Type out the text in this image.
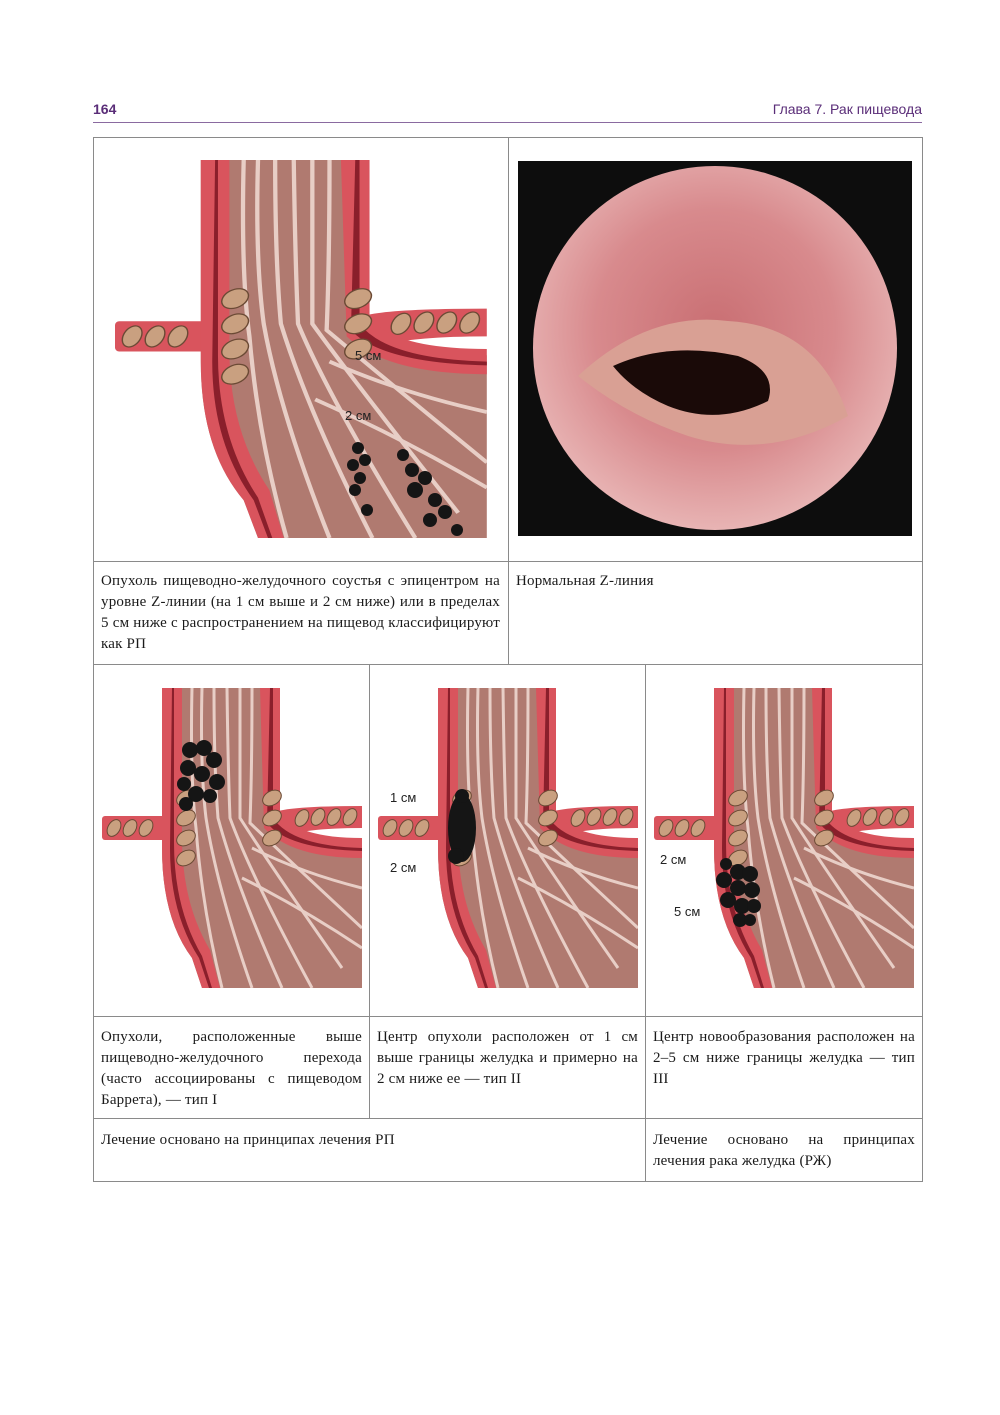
164	Глава 7. Рак пищевода
2 см
5 см
Опухоль пищеводно-желудочного соустья с эпицентром на уровне Z-линии (на 1 см выше и 2 см ниже) или в пределах 5 см ниже с распространением на пищевод классифицируют как РП
Нормальная Z-линия
1 см
2 см
2 см
5 см
Опухоли, расположенные выше пищеводно-желудочного перехода (часто ассоциированы с пищеводом Баррета), — тип I
Центр опухоли расположен от 1 см выше границы желудка и примерно на 2 см ниже ее — тип II
Центр новообразования расположен на 2–5 см ниже границы желудка — тип III
Лечение основано на принципах лечения РП	Лечение основано на принципах лечения рака желудка (РЖ)
